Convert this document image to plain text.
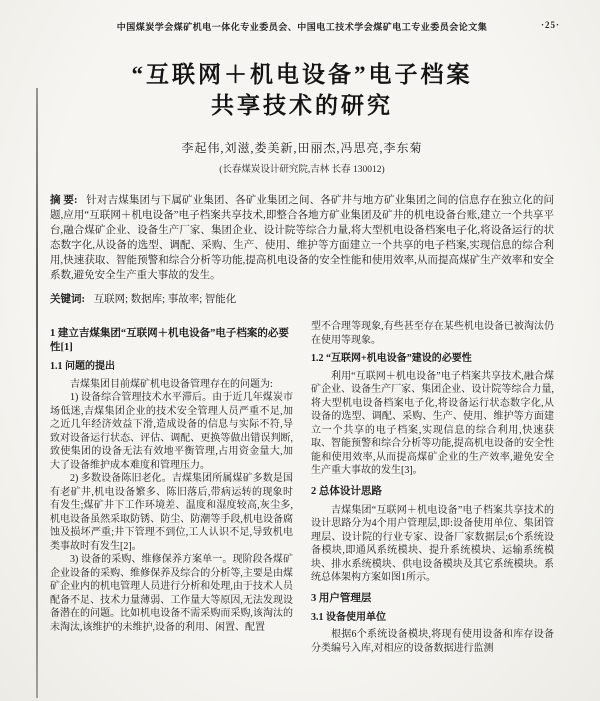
中国煤炭学会煤矿机电一体化专业委员会、中国电工技术学会煤矿电工专业委员会论文集	·25·
“互联网＋机电设备”电子档案
共享技术的研究
李起伟,刘滋,娄美新,田丽杰,冯思亮,李东菊
(长春煤炭设计研究院,吉林 长春 130012)
摘 要: 针对吉煤集团与下属矿业集团、各矿业集团之间、各矿井与地方矿业集团之间的信息存在独立化的问题,应用“互联网＋机电设备”电子档案共享技术,即整合各地方矿业集团及矿井的机电设备台账,建立一个共享平台,融合煤矿企业、设备生产厂家、集团企业、设计院等综合力量,将大型机电设备档案电子化,将设备运行的状态数字化,从设备的选型、调配、采购、生产、使用、维护等方面建立一个共享的电子档案,实现信息的综合利用,快速获取、智能预警和综合分析等功能,提高机电设备的安全性能和使用效率,从而提高煤矿生产效率和安全系数,避免安全生产重大事故的发生。
关键词: 互联网; 数据库; 事故率; 智能化
1 建立吉煤集团“互联网＋机电设备”电子档案的必要性[1]
1.1 问题的提出

吉煤集团目前煤矿机电设备管理存在的问题为:

1) 设备综合管理技术水平滞后。由于近几年煤炭市场低迷,吉煤集团企业的技术安全管理人员严重不足,加之近几年经济效益下滑,造成设备的信息与实际不符,导致对设备运行状态、评估、调配、更换等做出错误判断,致使集团的设备无法有效地平衡管理,占用资金量大,加大了设备维护成本难度和管理压力。

2) 多数设备陈旧老化。吉煤集团所属煤矿多数是国有老矿井,机电设备繁多、陈旧落后,带病运转的现象时有发生;煤矿井下工作环境差、温度和湿度较高,灰尘多,机电设备虽然采取防锈、防尘、防潮等手段,机电设备腐蚀及损坏严重;井下管理不到位,工人认识不足,导致机电类事故时有发生[2]。

3) 设备的采购、维修保养方案单一。现阶段各煤矿企业设备的采购、维修保养及综合的分析等,主要是由煤矿企业内的机电管理人员进行分析和处理,由于技术人员配备不足、技术力量薄弱、工作量大等原因,无法发现设备潜在的问题。比如机电设备不需采购而采购,该淘汰的未淘汰,该维护的未维护,设备的利用、闲置、配置

型不合理等现象,有些甚至存在某些机电设备已被淘汰仍在使用等现象。

1.2 “互联网+机电设备”建设的必要性

利用“互联网＋机电设备”电子档案共享技术,融合煤矿企业、设备生产厂家、集团企业、设计院等综合力量,将大型机电设备档案电子化,将设备运行状态数字化,从设备的选型、调配、采购、生产、使用、维护等方面建立一个共享的电子档案,实现信息的综合利用,快速获取、智能预警和综合分析等功能,提高机电设备的安全性能和使用效率,从而提高煤矿企业的生产效率,避免安全生产重大事故的发生[3]。

2 总体设计思路

吉煤集团“互联网＋机电设备”电子档案共享技术的设计思路分为4个用户管理层,即:设备使用单位、集团管理层、设计院的行业专家、设备厂家数据层;6个系统设备模块,即通风系统模块、提升系统模块、运输系统模块、排水系统模块、供电设备模块及其它系统模块。系统总体架构方案如图1所示。

3 用户管理层
3.1 设备使用单位

根据6个系统设备模块,将现有使用设备和库存设备分类编号入库,对相应的设备数据进行监测
